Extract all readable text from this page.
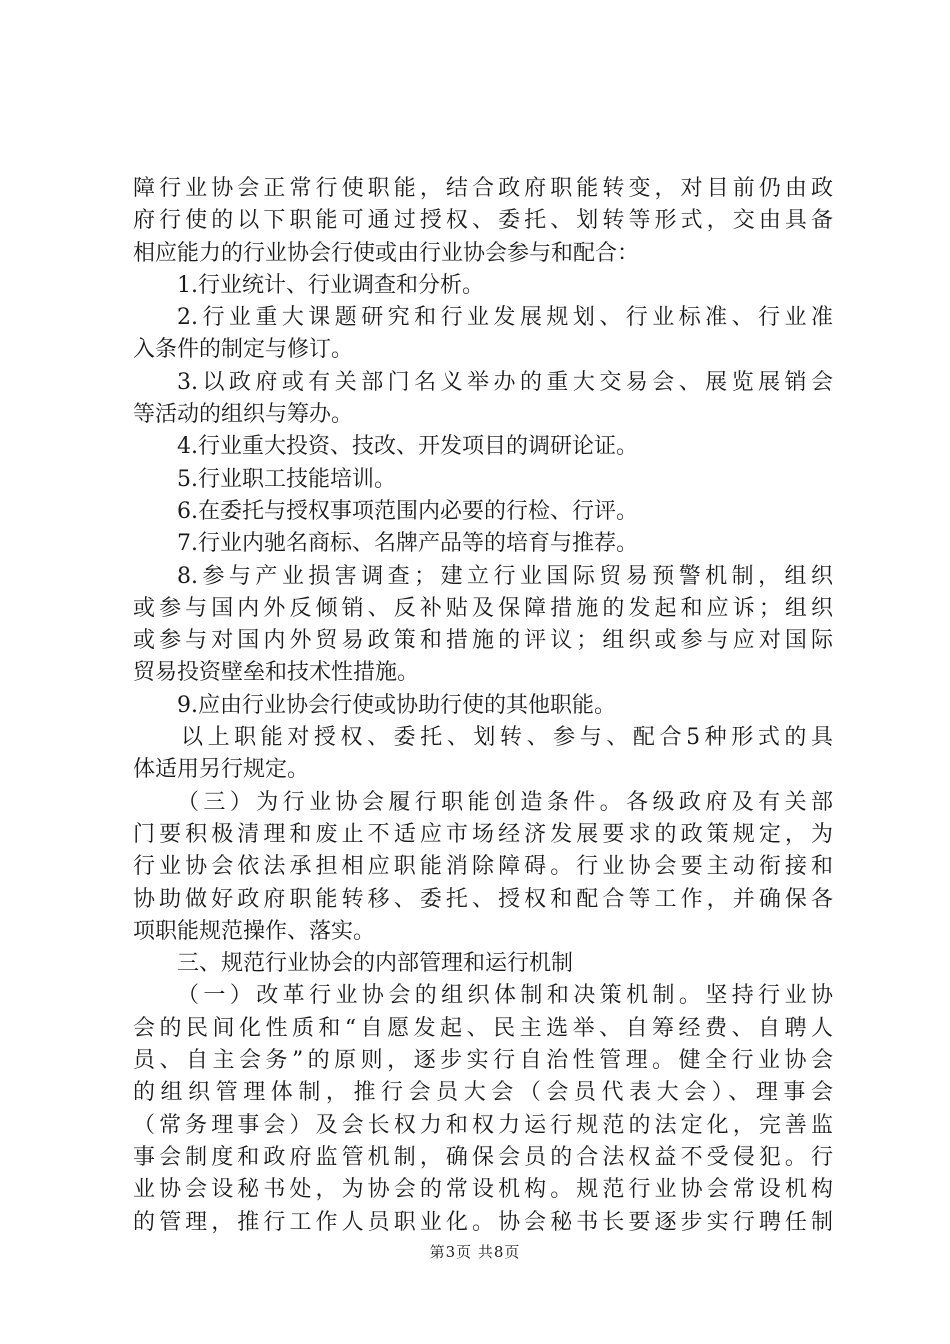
障行业协会正常行使职能，结合政府职能转变，对目前仍由政
府行使的以下职能可通过授权、委托、划转等形式，交由具备
相应能力的行业协会行使或由行业协会参与和配合：
1.行业统计、行业调查和分析。
2.行业重大课题研究和行业发展规划、行业标准、行业准
入条件的制定与修订。
3.以政府或有关部门名义举办的重大交易会、展览展销会
等活动的组织与筹办。
4.行业重大投资、技改、开发项目的调研论证。
5.行业职工技能培训。
6.在委托与授权事项范围内必要的行检、行评。
7.行业内驰名商标、名牌产品等的培育与推荐。
8.参与产业损害调查；建立行业国际贸易预警机制，组织
或参与国内外反倾销、反补贴及保障措施的发起和应诉；组织
或参与对国内外贸易政策和措施的评议；组织或参与应对国际
贸易投资壁垒和技术性措施。
9.应由行业协会行使或协助行使的其他职能。
以上职能对授权、委托、划转、参与、配合5种形式的具
体适用另行规定。
（三）为行业协会履行职能创造条件。各级政府及有关部
门要积极清理和废止不适应市场经济发展要求的政策规定，为
行业协会依法承担相应职能消除障碍。行业协会要主动衔接和
协助做好政府职能转移、委托、授权和配合等工作，并确保各
项职能规范操作、落实。
三、规范行业协会的内部管理和运行机制
（一）改革行业协会的组织体制和决策机制。坚持行业协
会的民间化性质和“自愿发起、民主选举、自筹经费、自聘人
员、自主会务”的原则，逐步实行自治性管理。健全行业协会
的组织管理体制，推行会员大会（会员代表大会）、理事会
（常务理事会）及会长权力和权力运行规范的法定化，完善监
事会制度和政府监管机制，确保会员的合法权益不受侵犯。行
业协会设秘书处，为协会的常设机构。规范行业协会常设机构
的管理，推行工作人员职业化。协会秘书长要逐步实行聘任制
第3页 共8页
